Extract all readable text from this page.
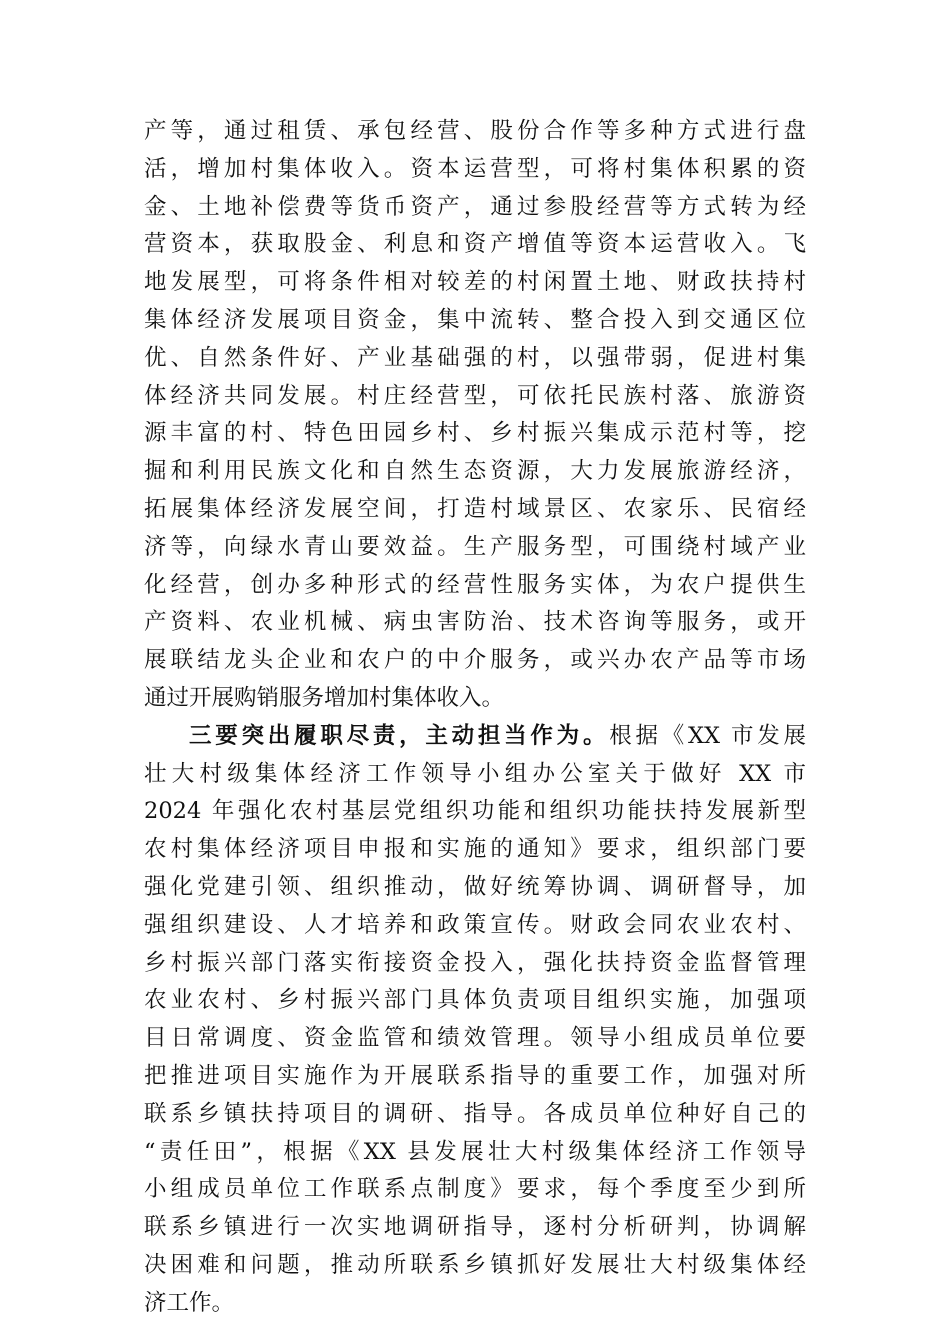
产等，通过租赁、承包经营、股份合作等多种方式进行盘
活，增加村集体收入。资本运营型，可将村集体积累的资
金、土地补偿费等货币资产，通过参股经营等方式转为经
营资本，获取股金、利息和资产增值等资本运营收入。飞
地发展型，可将条件相对较差的村闲置土地、财政扶持村
集体经济发展项目资金，集中流转、整合投入到交通区位
优、自然条件好、产业基础强的村，以强带弱，促进村集
体经济共同发展。村庄经营型，可依托民族村落、旅游资
源丰富的村、特色田园乡村、乡村振兴集成示范村等，挖
掘和利用民族文化和自然生态资源，大力发展旅游经济，
拓展集体经济发展空间，打造村域景区、农家乐、民宿经
济等，向绿水青山要效益。生产服务型，可围绕村域产业
化经营，创办多种形式的经营性服务实体，为农户提供生
产资料、农业机械、病虫害防治、技术咨询等服务，或开
展联结龙头企业和农户的中介服务，或兴办农产品等市场
通过开展购销服务增加村集体收入。
三要突出履职尽责，主动担当作为。根据《XX 市发展
壮大村级集体经济工作领导小组办公室关于做好 XX 市
2024 年强化农村基层党组织功能和组织功能扶持发展新型
农村集体经济项目申报和实施的通知》要求，组织部门要
强化党建引领、组织推动，做好统筹协调、调研督导，加
强组织建设、人才培养和政策宣传。财政会同农业农村、
乡村振兴部门落实衔接资金投入，强化扶持资金监督管理
农业农村、乡村振兴部门具体负责项目组织实施，加强项
目日常调度、资金监管和绩效管理。领导小组成员单位要
把推进项目实施作为开展联系指导的重要工作，加强对所
联系乡镇扶持项目的调研、指导。各成员单位种好自己的
“责任田”，根据《XX 县发展壮大村级集体经济工作领导
小组成员单位工作联系点制度》要求，每个季度至少到所
联系乡镇进行一次实地调研指导，逐村分析研判，协调解
决困难和问题，推动所联系乡镇抓好发展壮大村级集体经
济工作。
